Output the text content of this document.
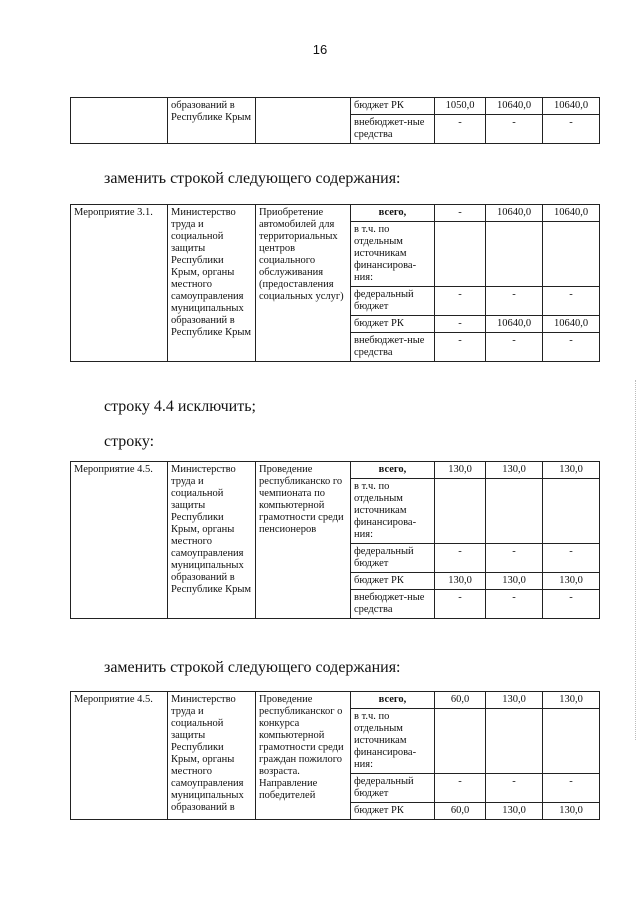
16
	образований в Республике Крым		бюджет РК	1050,0	10640,0	10640,0
			внебюджет-ные средства	-	-	-
заменить строкой следующего содержания:
Мероприятие 3.1.	Министерство труда и социальной защиты Республики Крым, органы местного самоуправления муниципальных образований в Республике Крым	Приобретение автомобилей для территориальных центров социального обслуживания (предоставления социальных услуг)	всего,	-	10640,0	10640,0
			в т.ч. по отдельным источникам финансирова-ния:			
			федеральный бюджет	-	-	-
			бюджет РК	-	10640,0	10640,0
			внебюджет-ные средства	-	-	-
строку 4.4 исключить;
строку:
Мероприятие 4.5.	Министерство труда и социальной защиты Республики Крым, органы местного самоуправления муниципальных образований в Республике Крым	Проведение республиканско го чемпионата по компьютерной грамотности среди пенсионеров	всего,	130,0	130,0	130,0
			в т.ч. по отдельным источникам финансирова-ния:			
			федеральный бюджет	-	-	-
			бюджет РК	130,0	130,0	130,0
			внебюджет-ные средства	-	-	-
заменить строкой следующего содержания:
Мероприятие 4.5.	Министерство труда и социальной защиты Республики Крым, органы местного самоуправления муниципальных образований в	Проведение республиканског о конкурса компьютерной грамотности среди граждан пожилого возраста. Направление победителей	всего,	60,0	130,0	130,0
			в т.ч. по отдельным источникам финансирова-ния:			
			федеральный бюджет	-	-	-
			бюджет РК	60,0	130,0	130,0
